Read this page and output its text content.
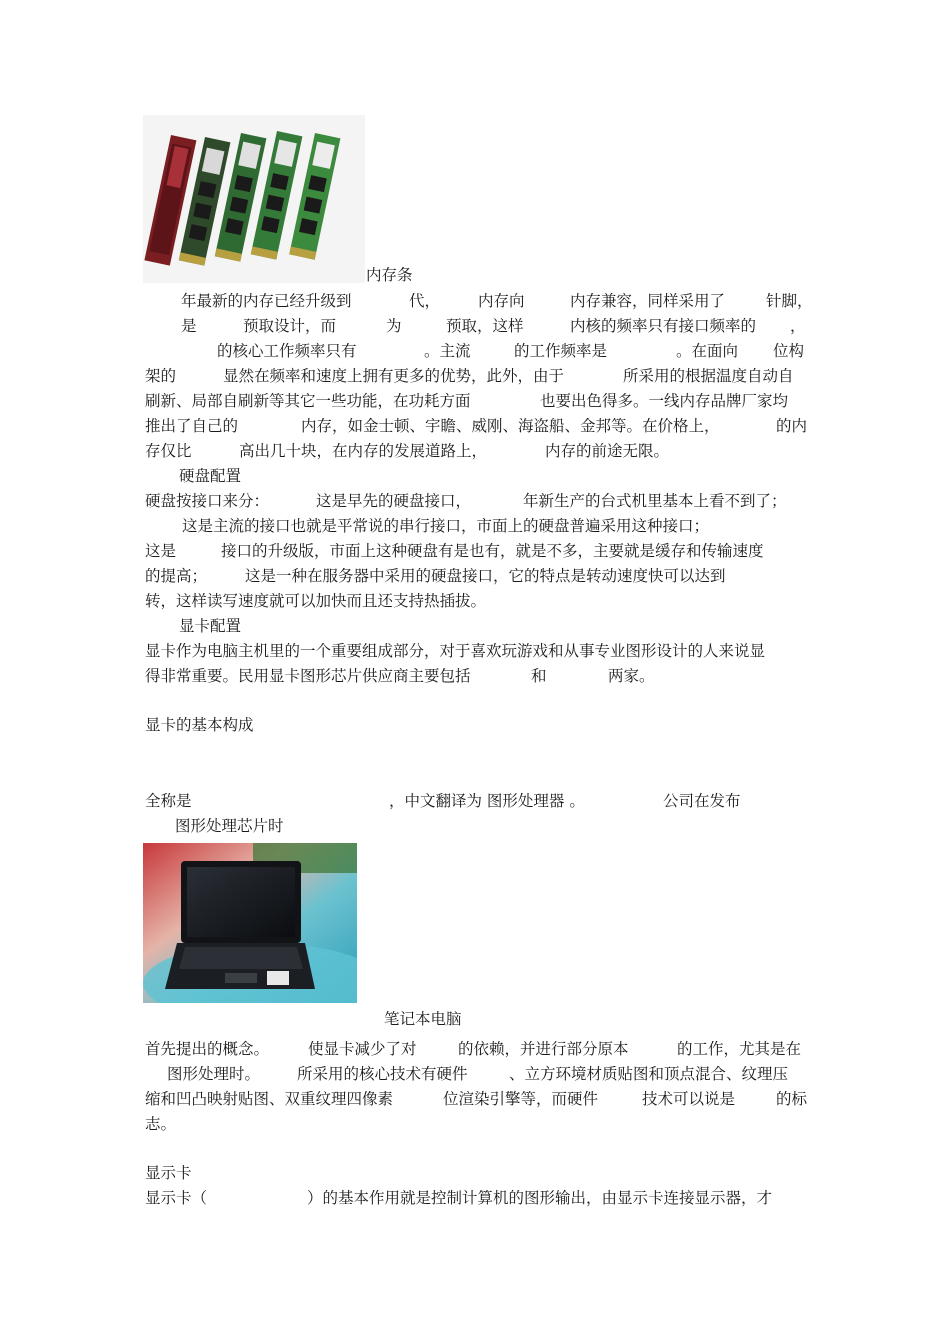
内存条
年最新的内存已经升级到	代， 内存向	内存兼容，同样采用了	针脚，
是	预取设计，而	为	预取，这样	内核的频率只有接口频率的 ，
的核心工作频率只有	。主流	的工作频率是	。在面向 位构
架的	显然在频率和速度上拥有更多的优势，此外，由于	所采用的根据温度自动自
刷新、局部自刷新等其它一些功能，在功耗方面	也要出色得多。一线内存品牌厂家均
推出了自己的	内存，如金士顿、宇瞻、威刚、海盗船、金邦等。在价格上，	的内
存仅比	高出几十块，在内存的发展道路上，	内存的前途无限。
硬盘配置
硬盘按接口来分：	这是早先的硬盘接口，	年新生产的台式机里基本上看不到了；
这是主流的接口也就是平常说的串行接口，市面上的硬盘普遍采用这种接口；
这是	接口的升级版，市面上这种硬盘有是也有，就是不多，主要就是缓存和传输速度
的提高； 这是一种在服务器中采用的硬盘接口，它的特点是转动速度快可以达到
转，这样读写速度就可以加快而且还支持热插拔。
显卡配置
显卡作为电脑主机里的一个重要组成部分，对于喜欢玩游戏和从事专业图形设计的人来说显
得非常重要。民用显卡图形芯片供应商主要包括	和	两家。
显卡的基本构成
全称是	，中文翻译为 图形处理器 。	公司在发布
图形处理芯片时
笔记本电脑
首先提出的概念。	使显卡减少了对	的依赖，并进行部分原本	的工作，尤其是在
图形处理时。 所采用的核心技术有硬件	、立方环境材质贴图和顶点混合、纹理压
缩和凹凸映射贴图、双重纹理四像素	位渲染引擎等，而硬件	技术可以说是	的标
志。
显示卡
显示卡（	）的基本作用就是控制计算机的图形输出，由显示卡连接显示器，才
